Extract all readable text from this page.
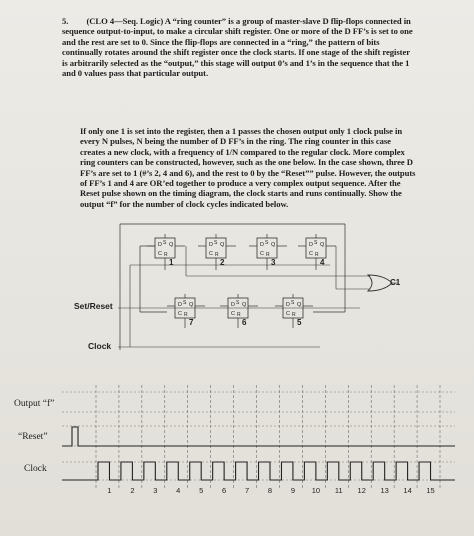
5. (CLO 4—Seq. Logic) A “ring counter” is a group of master-slave D flip-flops connected in sequence output-to-input, to make a circular shift register. One or more of the D FF’s is set to one and the rest are set to 0. Since the flip-flops are connected in a “ring,” the pattern of bits continually rotates around the shift register once the clock starts. If one stage of the shift register is arbitrarily selected as the “output,” this stage will output 0’s and 1’s in the sequence that the 1 and 0 values pass that particular output.
If only one 1 is set into the register, then a 1 passes the chosen output only 1 clock pulse in every N pulses, N being the number of D FF’s in the ring. The ring counter in this case creates a new clock, with a frequency of 1/N compared to the regular clock. More complex ring counters can be constructed, however, such as the one below. In the case shown, three D FF’s are set to 1 (#’s 2, 4 and 6), and the rest to 0 by the “Reset”” pulse. However, the outputs of FF’s 1 and 4 are OR’ed together to produce a very complex output sequence. After the Reset pulse shown on the timing diagram, the clock starts and runs continually. Show the output “f” for the number of clock cycles indicated below.
D S Q
C R
1
D S Q
C R
2
D S Q
C R
3
D S Q
C R
4
D S Q
C R
7
D S Q
C R
6
D S Q
C R
5
Set/Reset
Clock
C1
1	2	3	4	5	6	7	8	9 10 11 12 13 14 15
Output “f”
“Reset”
Clock
